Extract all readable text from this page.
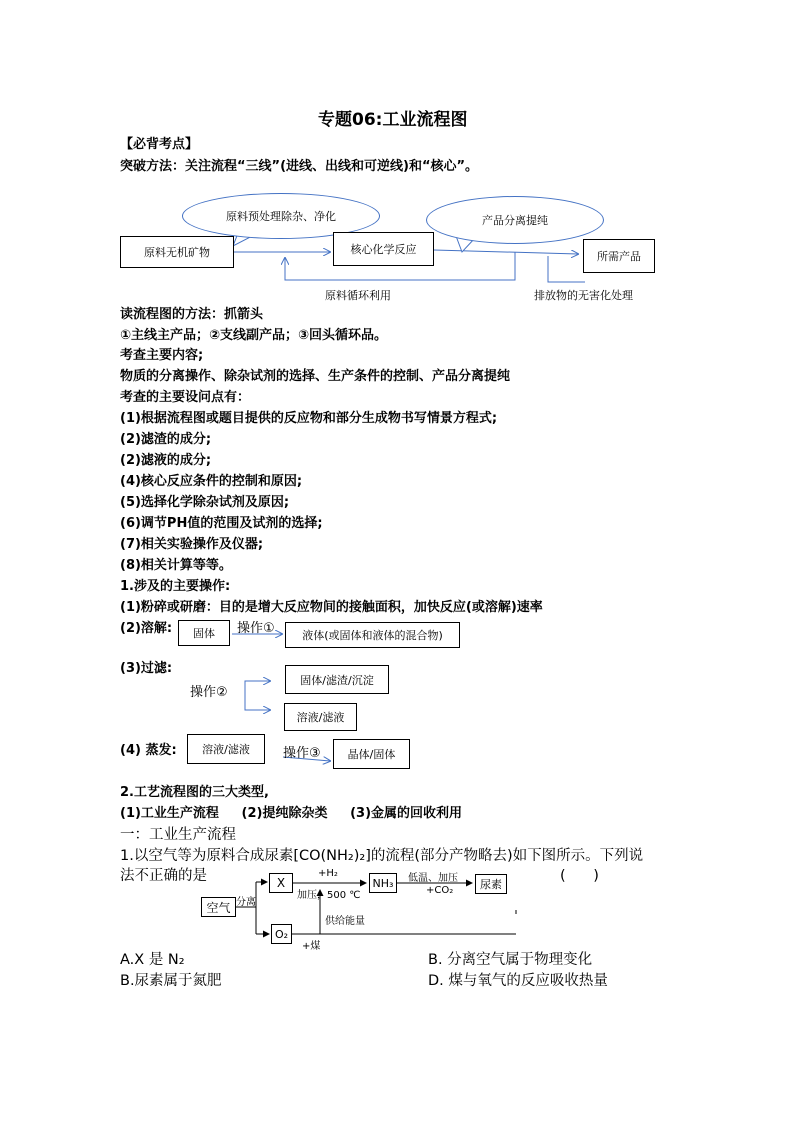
专题06:工业流程图
【必背考点】
突破方法：关注流程“三线”(进线、出线和可逆线)和“核心”。
原料预处理除杂、净化	产品分离提纯
原料无机矿物	核心化学反应
所需产品
原料循环利用	排放物的无害化处理
读流程图的方法：抓箭头
①主线主产品；②支线副产品；③回头循环品。
考查主要内容;
物质的分离操作、除杂试剂的选择、生产条件的控制、产品分离提纯
考查的主要设问点有：
(1)根据流程图或题目提供的反应物和部分生成物书写情景方程式;
(2)滤渣的成分;
(2)滤液的成分;
(4)核心反应条件的控制和原因;
(5)选择化学除杂试剂及原因;
(6)调节PH值的范围及试剂的选择;
(7)相关实验操作及仪器;
(8)相关计算等等。
1.涉及的主要操作:
(1)粉碎或研磨：目的是增大反应物间的接触面积，加快反应(或溶解)速率
(2)溶解: 固体 操作①	液体(或固体和液体的混合物)
(3)过滤:
操作②
固体/滤渣/沉淀
溶液/滤液
(4) 蒸发: 溶液/滤液	操作③ 晶体/固体
2.工艺流程图的三大类型,
(1)工业生产流程     (2)提纯除杂类     (3)金属的回收利用
一：工业生产流程
1.以空气等为原料合成尿素[CO(NH₂)₂]的流程(部分产物略去)如下图所示。下列说
法不正确的是	(      )
空气 分离
X
+H₂
加压，500 ℃
NH₃ 低温、加压
+CO₂ 尿素
O₂
+煤
供给能量
A.X 是 N₂	B. 分离空气属于物理变化
B.尿素属于氮肥	D. 煤与氧气的反应吸收热量
